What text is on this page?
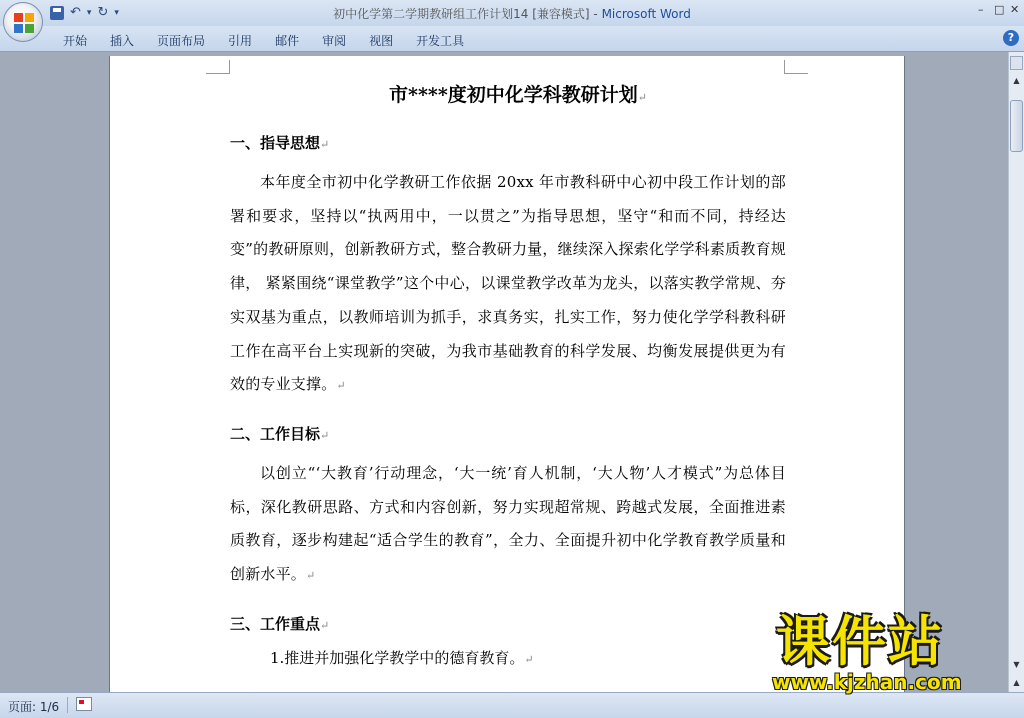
↶ ▾ ↻ ▾	初中化学第二学期教研组工作计划14 [兼容模式] - Microsoft Word	– □ ✕
开始	插入	页面布局	引用	邮件	审阅	视图	开发工具	?
市****度初中化学科教研计划↵
一、指导思想↵
本年度全市初中化学教研工作依据 20xx 年市教科研中心初中段工作计划的部署和要求，坚持以“执两用中，一以贯之”为指导思想，坚守“和而不同，持经达变”的教研原则，创新教研方式，整合教研力量，继续深入探索化学学科素质教育规律， 紧紧围绕“课堂教学”这个中心，以课堂教学改革为龙头，以落实教学常规、夯实双基为重点，以教师培训为抓手，求真务实，扎实工作，努力使化学学科教科研工作在高平台上实现新的突破，为我市基础教育的科学发展、均衡发展提供更为有效的专业支撑。↵
二、工作目标↵
以创立“‘大教育’行动理念，‘大一统’育人机制，‘大人物’人才模式”为总体目标，深化教研思路、方式和内容创新，努力实现超常规、跨越式发展，全面推进素质教育，逐步构建起“适合学生的教育”，全力、全面提升初中化学教育教学质量和创新水平。↵
三、工作重点↵
1.推进并加强化学教学中的德育教育。↵
▲
▼
▲
页面: 1/6
课件站
www.kjzhan.com
